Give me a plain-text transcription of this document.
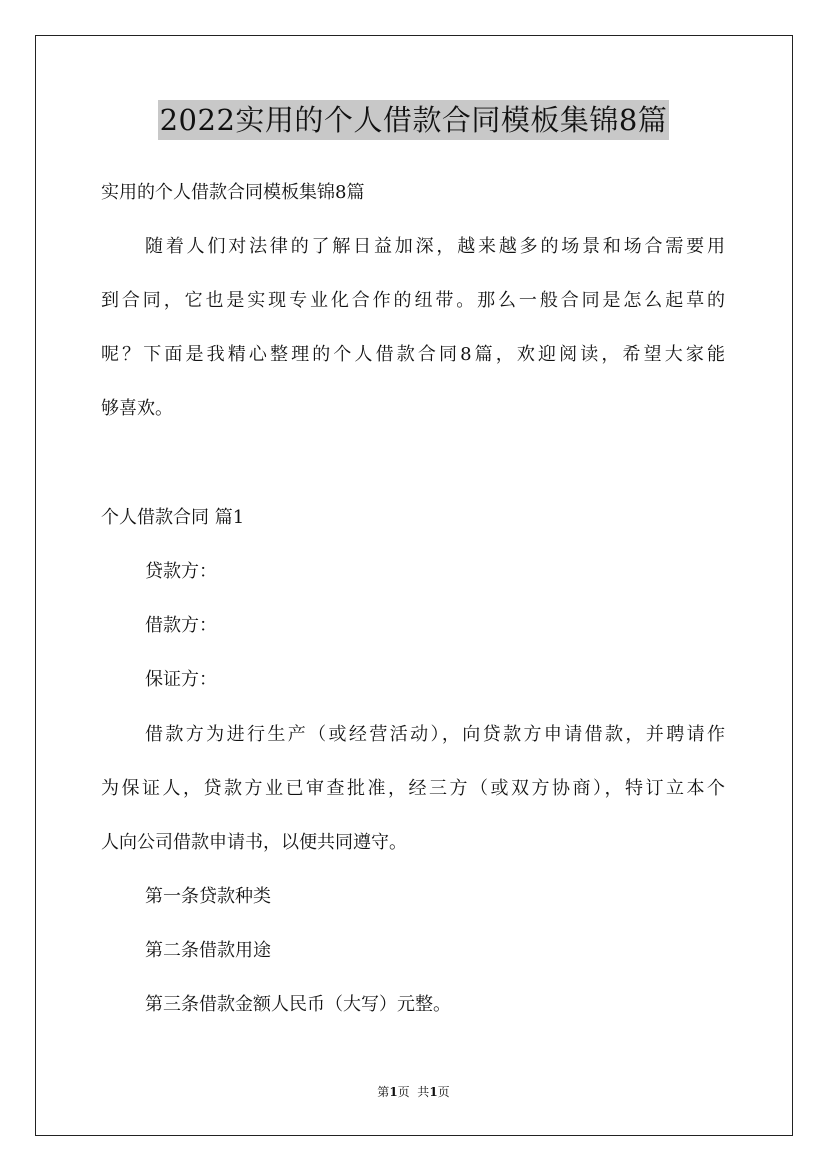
2022实用的个人借款合同模板集锦8篇
实用的个人借款合同模板集锦8篇
随着人们对法律的了解日益加深，越来越多的场景和场合需要用
到合同，它也是实现专业化合作的纽带。那么一般合同是怎么起草的
呢？下面是我精心整理的个人借款合同8篇，欢迎阅读，希望大家能
够喜欢。
个人借款合同 篇1
贷款方：
借款方：
保证方：
借款方为进行生产（或经营活动），向贷款方申请借款，并聘请作
为保证人，贷款方业已审查批准，经三方（或双方协商），特订立本个
人向公司借款申请书，以便共同遵守。
第一条贷款种类
第二条借款用途
第三条借款金额人民币（大写）元整。
第1页  共1页
